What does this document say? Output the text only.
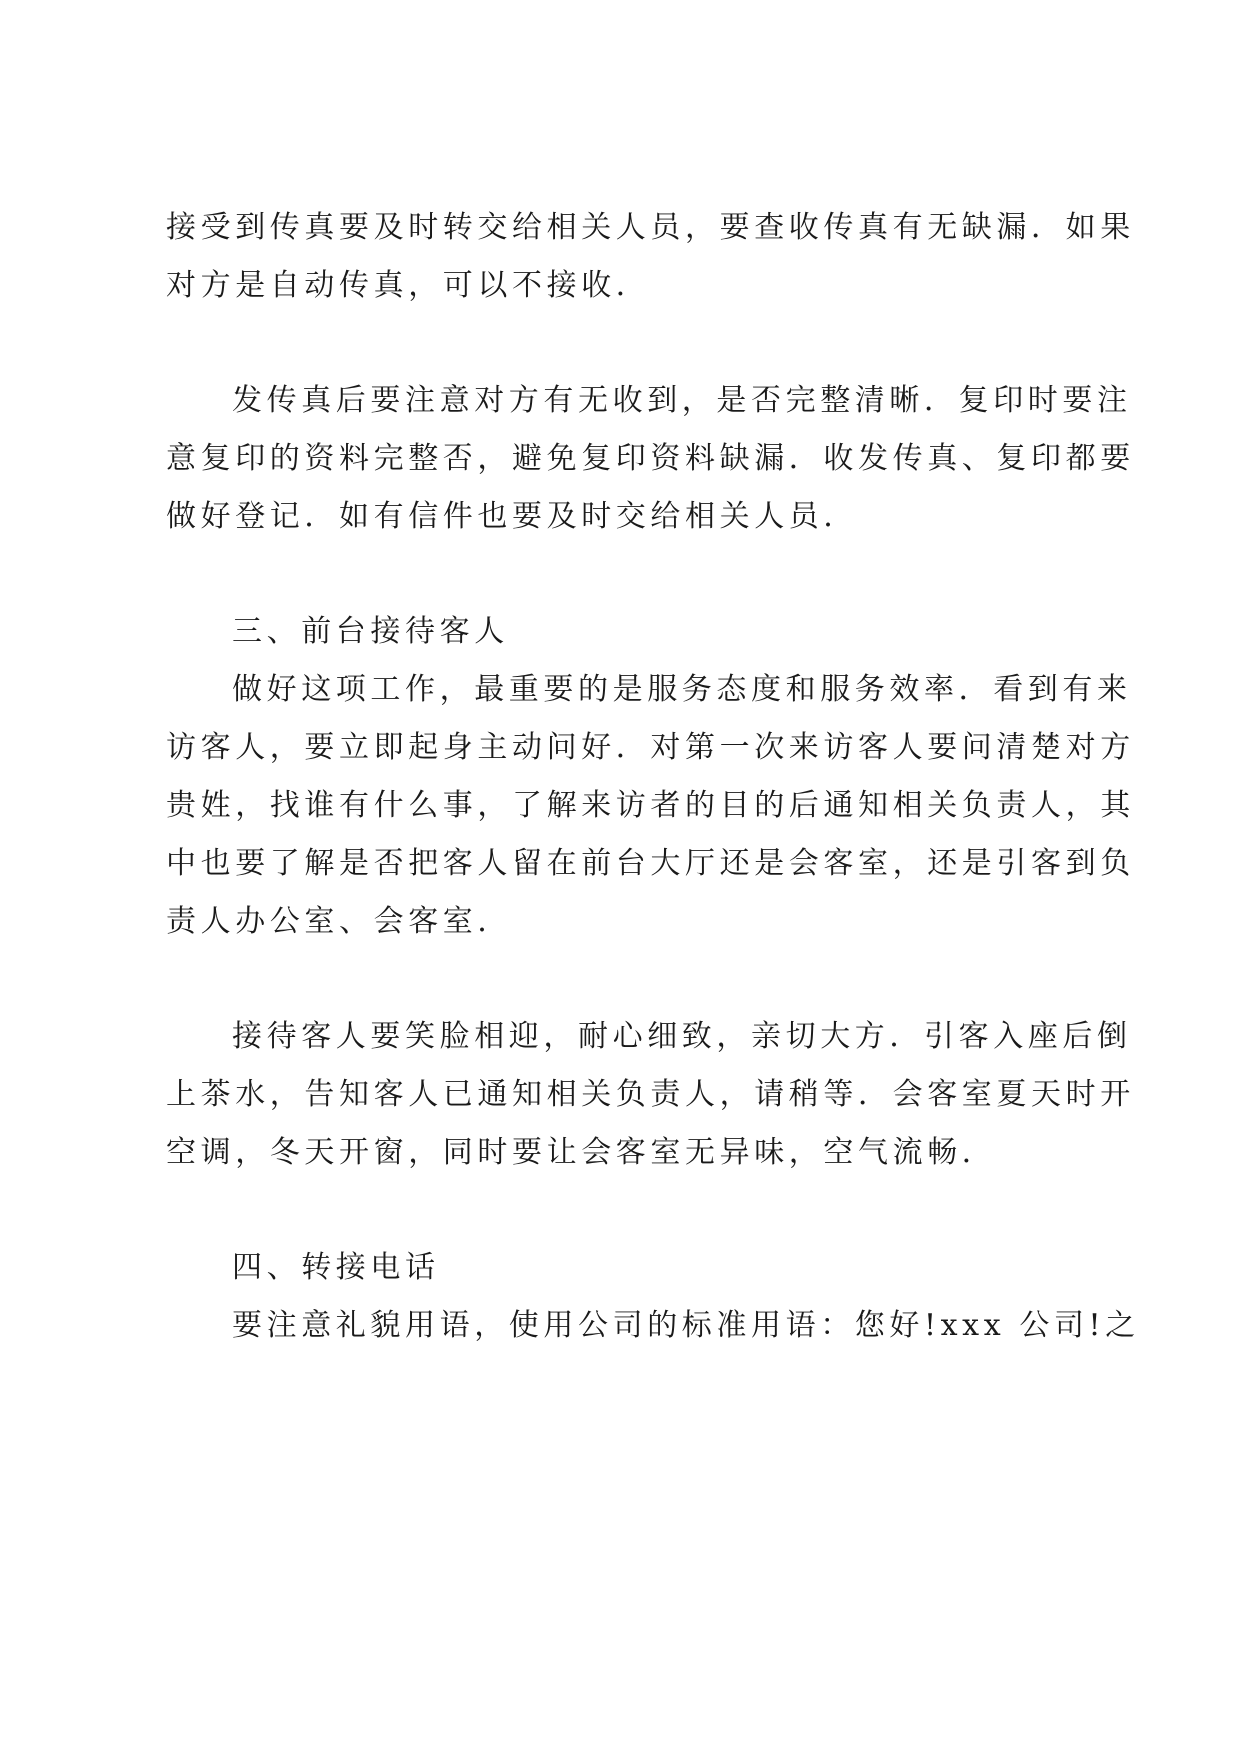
接受到传真要及时转交给相关人员，要查收传真有无缺漏．如果
对方是自动传真，可以不接收．
发传真后要注意对方有无收到，是否完整清晰．复印时要注
意复印的资料完整否，避免复印资料缺漏．收发传真、复印都要
做好登记．如有信件也要及时交给相关人员．
三、前台接待客人
做好这项工作，最重要的是服务态度和服务效率．看到有来
访客人，要立即起身主动问好．对第一次来访客人要问清楚对方
贵姓，找谁有什么事，了解来访者的目的后通知相关负责人，其
中也要了解是否把客人留在前台大厅还是会客室，还是引客到负
责人办公室、会客室．
接待客人要笑脸相迎，耐心细致，亲切大方．引客入座后倒
上茶水，告知客人已通知相关负责人，请稍等．会客室夏天时开
空调，冬天开窗，同时要让会客室无异味，空气流畅．
四、转接电话
要注意礼貌用语，使用公司的标准用语：您好!xxx 公司!之
